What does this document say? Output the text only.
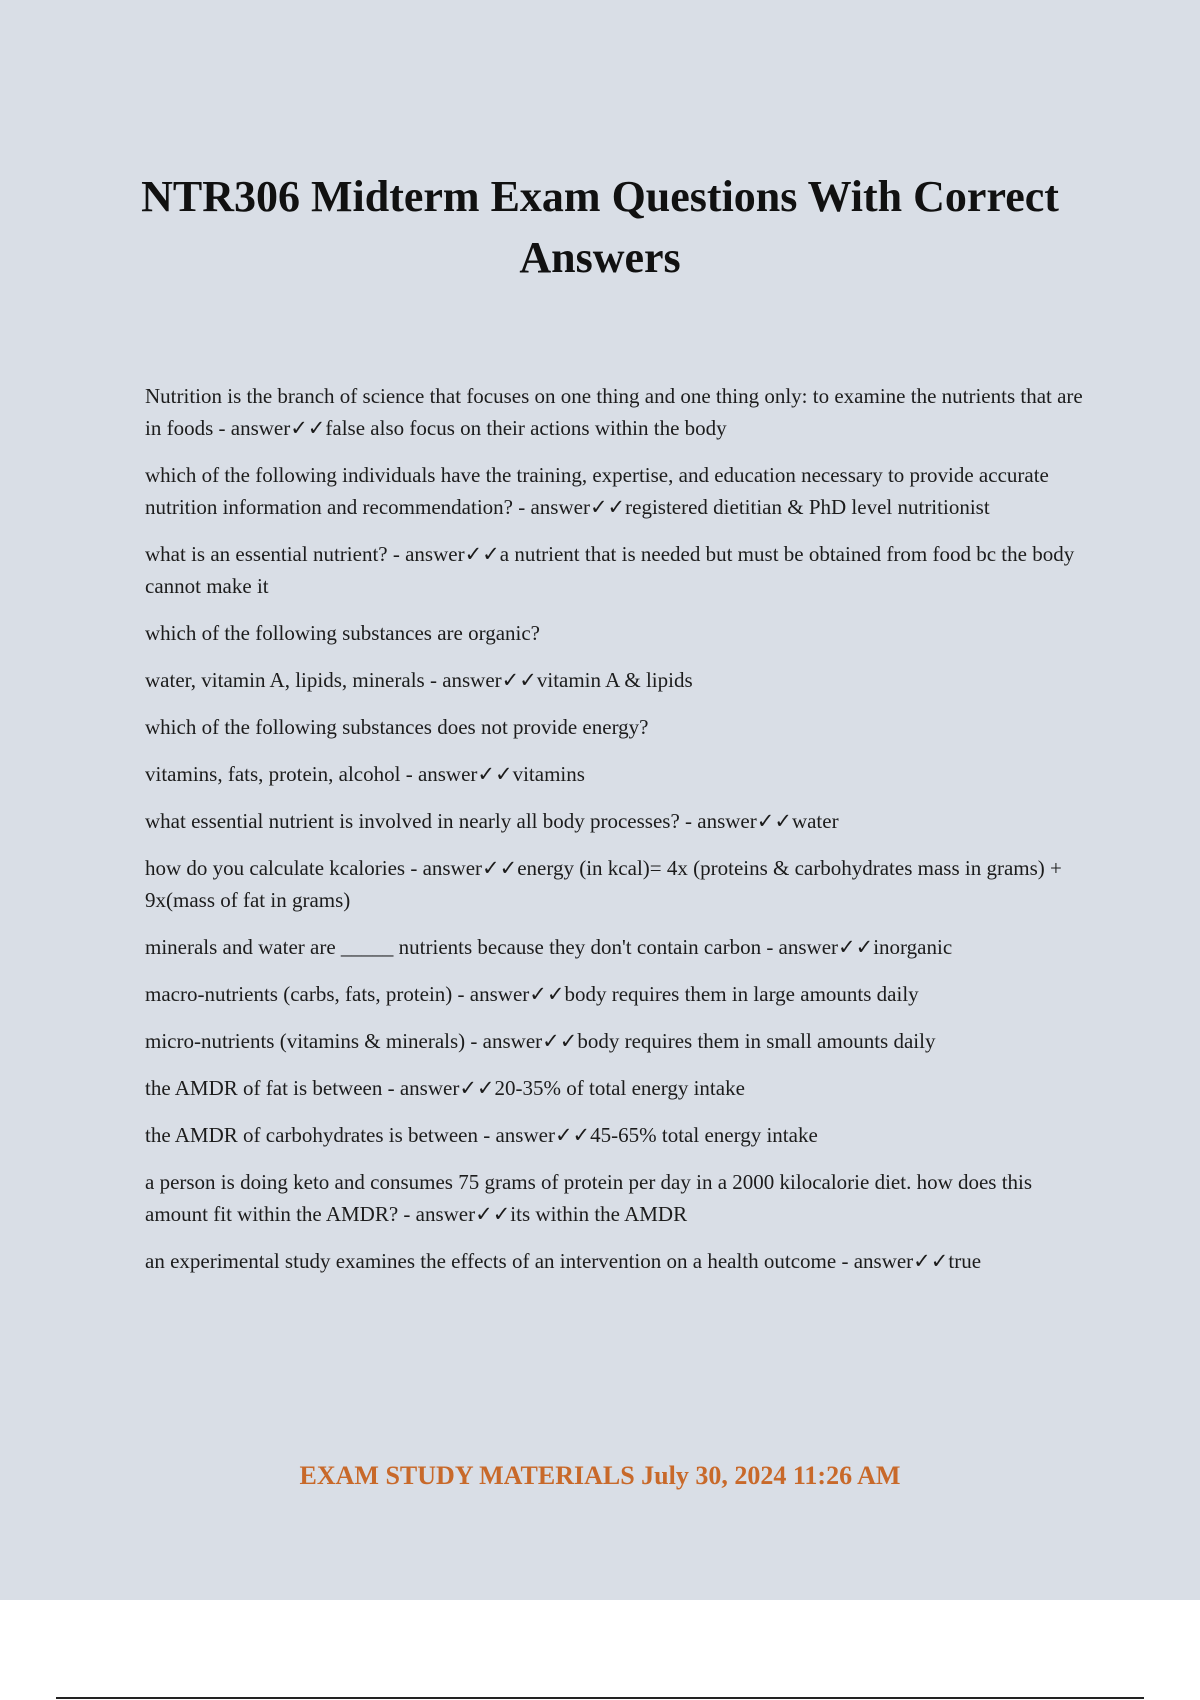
NTR306 Midterm Exam Questions With Correct Answers

Nutrition is the branch of science that focuses on one thing and one thing only: to examine the nutrients that are in foods - answer✓✓false also focus on their actions within the body

which of the following individuals have the training, expertise, and education necessary to provide accurate nutrition information and recommendation? - answer✓✓registered dietitian & PhD level nutritionist

what is an essential nutrient? - answer✓✓a nutrient that is needed but must be obtained from food bc the body cannot make it

which of the following substances are organic?

water, vitamin A, lipids, minerals - answer✓✓vitamin A & lipids

which of the following substances does not provide energy?

vitamins, fats, protein, alcohol - answer✓✓vitamins

what essential nutrient is involved in nearly all body processes? - answer✓✓water

how do you calculate kcalories - answer✓✓energy (in kcal)= 4x (proteins & carbohydrates mass in grams) + 9x(mass of fat in grams)

minerals and water are _____ nutrients because they don't contain carbon - answer✓✓inorganic

macro-nutrients (carbs, fats, protein) - answer✓✓body requires them in large amounts daily

micro-nutrients (vitamins & minerals) - answer✓✓body requires them in small amounts daily

the AMDR of fat is between - answer✓✓20-35% of total energy intake

the AMDR of carbohydrates is between - answer✓✓45-65% total energy intake

a person is doing keto and consumes 75 grams of protein per day in a 2000 kilocalorie diet. how does this amount fit within the AMDR? - answer✓✓its within the AMDR

an experimental study examines the effects of an intervention on a health outcome - answer✓✓true

EXAM STUDY MATERIALS July 30, 2024 11:26 AM
